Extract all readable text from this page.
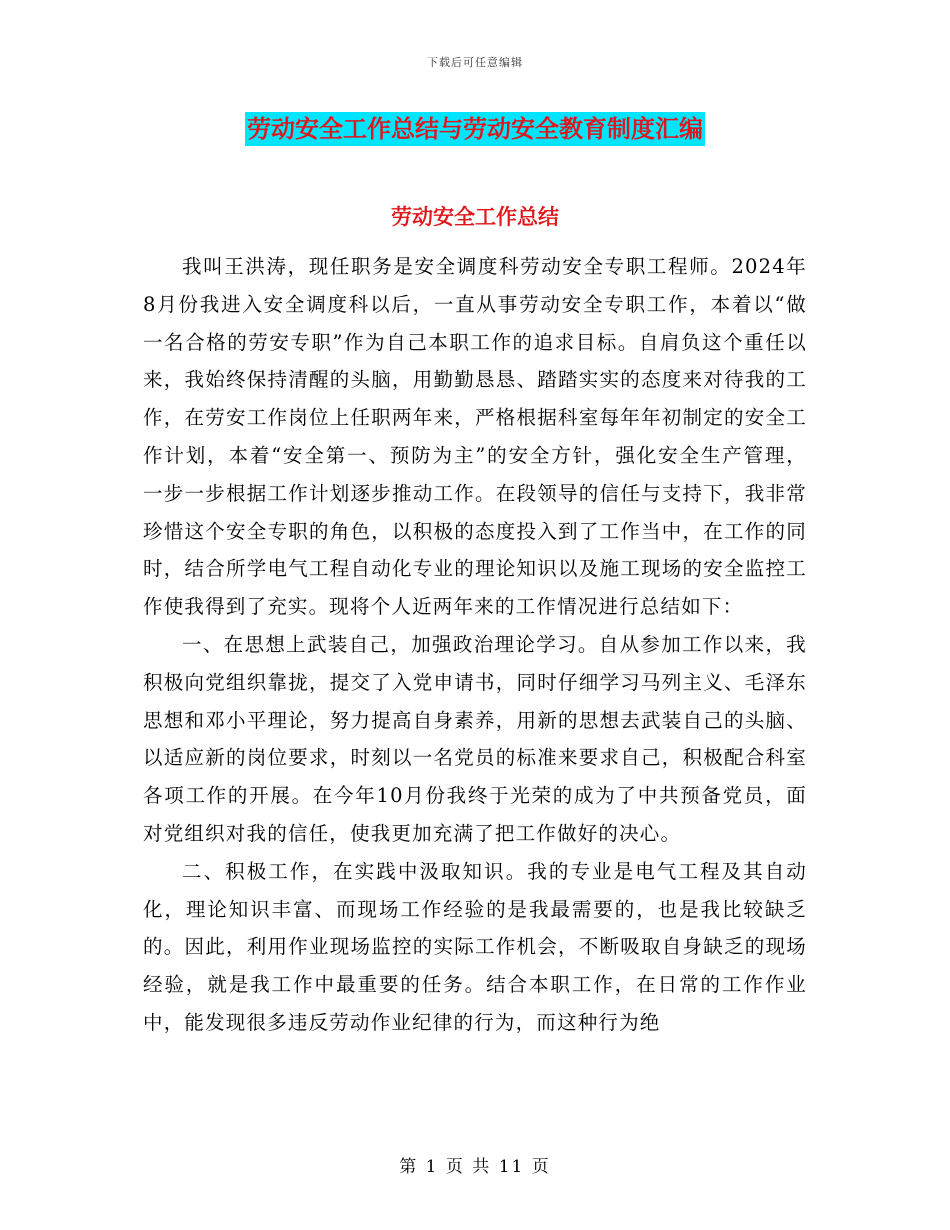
下载后可任意编辑
劳动安全工作总结与劳动安全教育制度汇编
劳动安全工作总结

我叫王洪涛，现任职务是安全调度科劳动安全专职工程师。2024年8月份我进入安全调度科以后，一直从事劳动安全专职工作，本着以“做一名合格的劳安专职”作为自己本职工作的追求目标。自肩负这个重任以来，我始终保持清醒的头脑，用勤勤恳恳、踏踏实实的态度来对待我的工作，在劳安工作岗位上任职两年来，严格根据科室每年年初制定的安全工作计划，本着“安全第一、预防为主”的安全方针，强化安全生产管理，一步一步根据工作计划逐步推动工作。在段领导的信任与支持下，我非常珍惜这个安全专职的角色，以积极的态度投入到了工作当中，在工作的同时，结合所学电气工程自动化专业的理论知识以及施工现场的安全监控工作使我得到了充实。现将个人近两年来的工作情况进行总结如下：

一、在思想上武装自己，加强政治理论学习。自从参加工作以来，我积极向党组织靠拢，提交了入党申请书，同时仔细学习马列主义、毛泽东思想和邓小平理论，努力提高自身素养，用新的思想去武装自己的头脑、以适应新的岗位要求，时刻以一名党员的标准来要求自己，积极配合科室各项工作的开展。在今年10月份我终于光荣的成为了中共预备党员，面对党组织对我的信任，使我更加充满了把工作做好的决心。

二、积极工作，在实践中汲取知识。我的专业是电气工程及其自动化，理论知识丰富、而现场工作经验的是我最需要的，也是我比较缺乏的。因此，利用作业现场监控的实际工作机会，不断吸取自身缺乏的现场经验，就是我工作中最重要的任务。结合本职工作，在日常的工作作业中，能发现很多违反劳动作业纪律的行为，而这种行为绝

第 1 页 共 11 页
